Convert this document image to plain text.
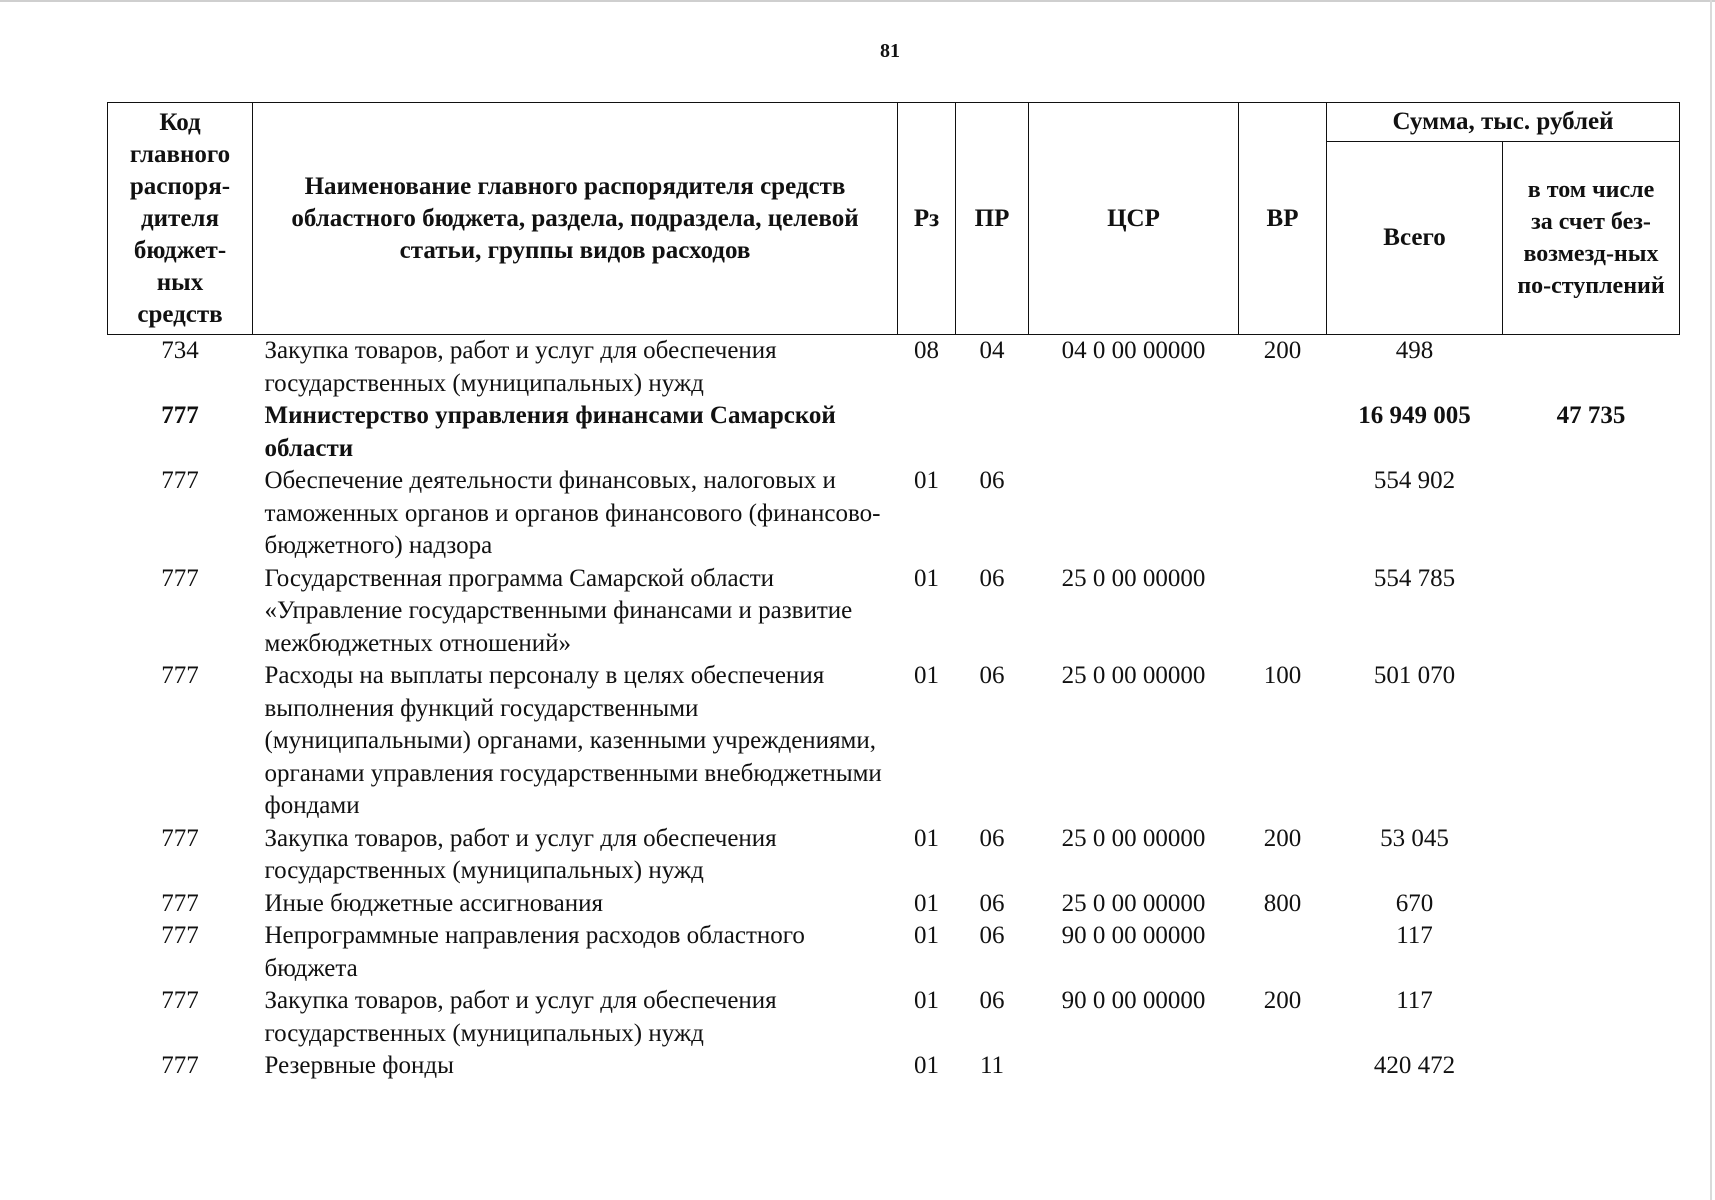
81
Код главного распоря-дителя бюджет-ных средств	Наименование главного распорядителя средств областного бюджета, раздела, подраздела, целевой статьи, группы видов расходов	Рз	ПР	ЦСР	ВР	Сумма, тыс. рублей	
						Всего	в том числе за счет без-возмезд-ных по-ступлений
734	Закупка товаров, работ и услуг для обеспечения государственных (муниципальных) нужд	08	04	04 0 00 00000	200	498	
777	Министерство управления финансами Самарской области					16 949 005	47 735
777	Обеспечение деятельности финансовых, налоговых и таможенных органов и органов финансового (финансово-бюджетного) надзора	01	06			554 902	
777	Государственная программа Самарской области «Управление государственными финансами и развитие межбюджетных отношений»	01	06	25 0 00 00000		554 785	
777	Расходы на выплаты персоналу в целях обеспечения выполнения функций государственными (муниципальными) органами, казенными учреждениями, органами управления государственными внебюджетными фондами	01	06	25 0 00 00000	100	501 070	
777	Закупка товаров, работ и услуг для обеспечения государственных (муниципальных) нужд	01	06	25 0 00 00000	200	53 045	
777	Иные бюджетные ассигнования	01	06	25 0 00 00000	800	670	
777	Непрограммные направления расходов областного бюджета	01	06	90 0 00 00000		117	
777	Закупка товаров, работ и услуг для обеспечения государственных (муниципальных) нужд	01	06	90 0 00 00000	200	117	
777	Резервные фонды	01	11			420 472	
